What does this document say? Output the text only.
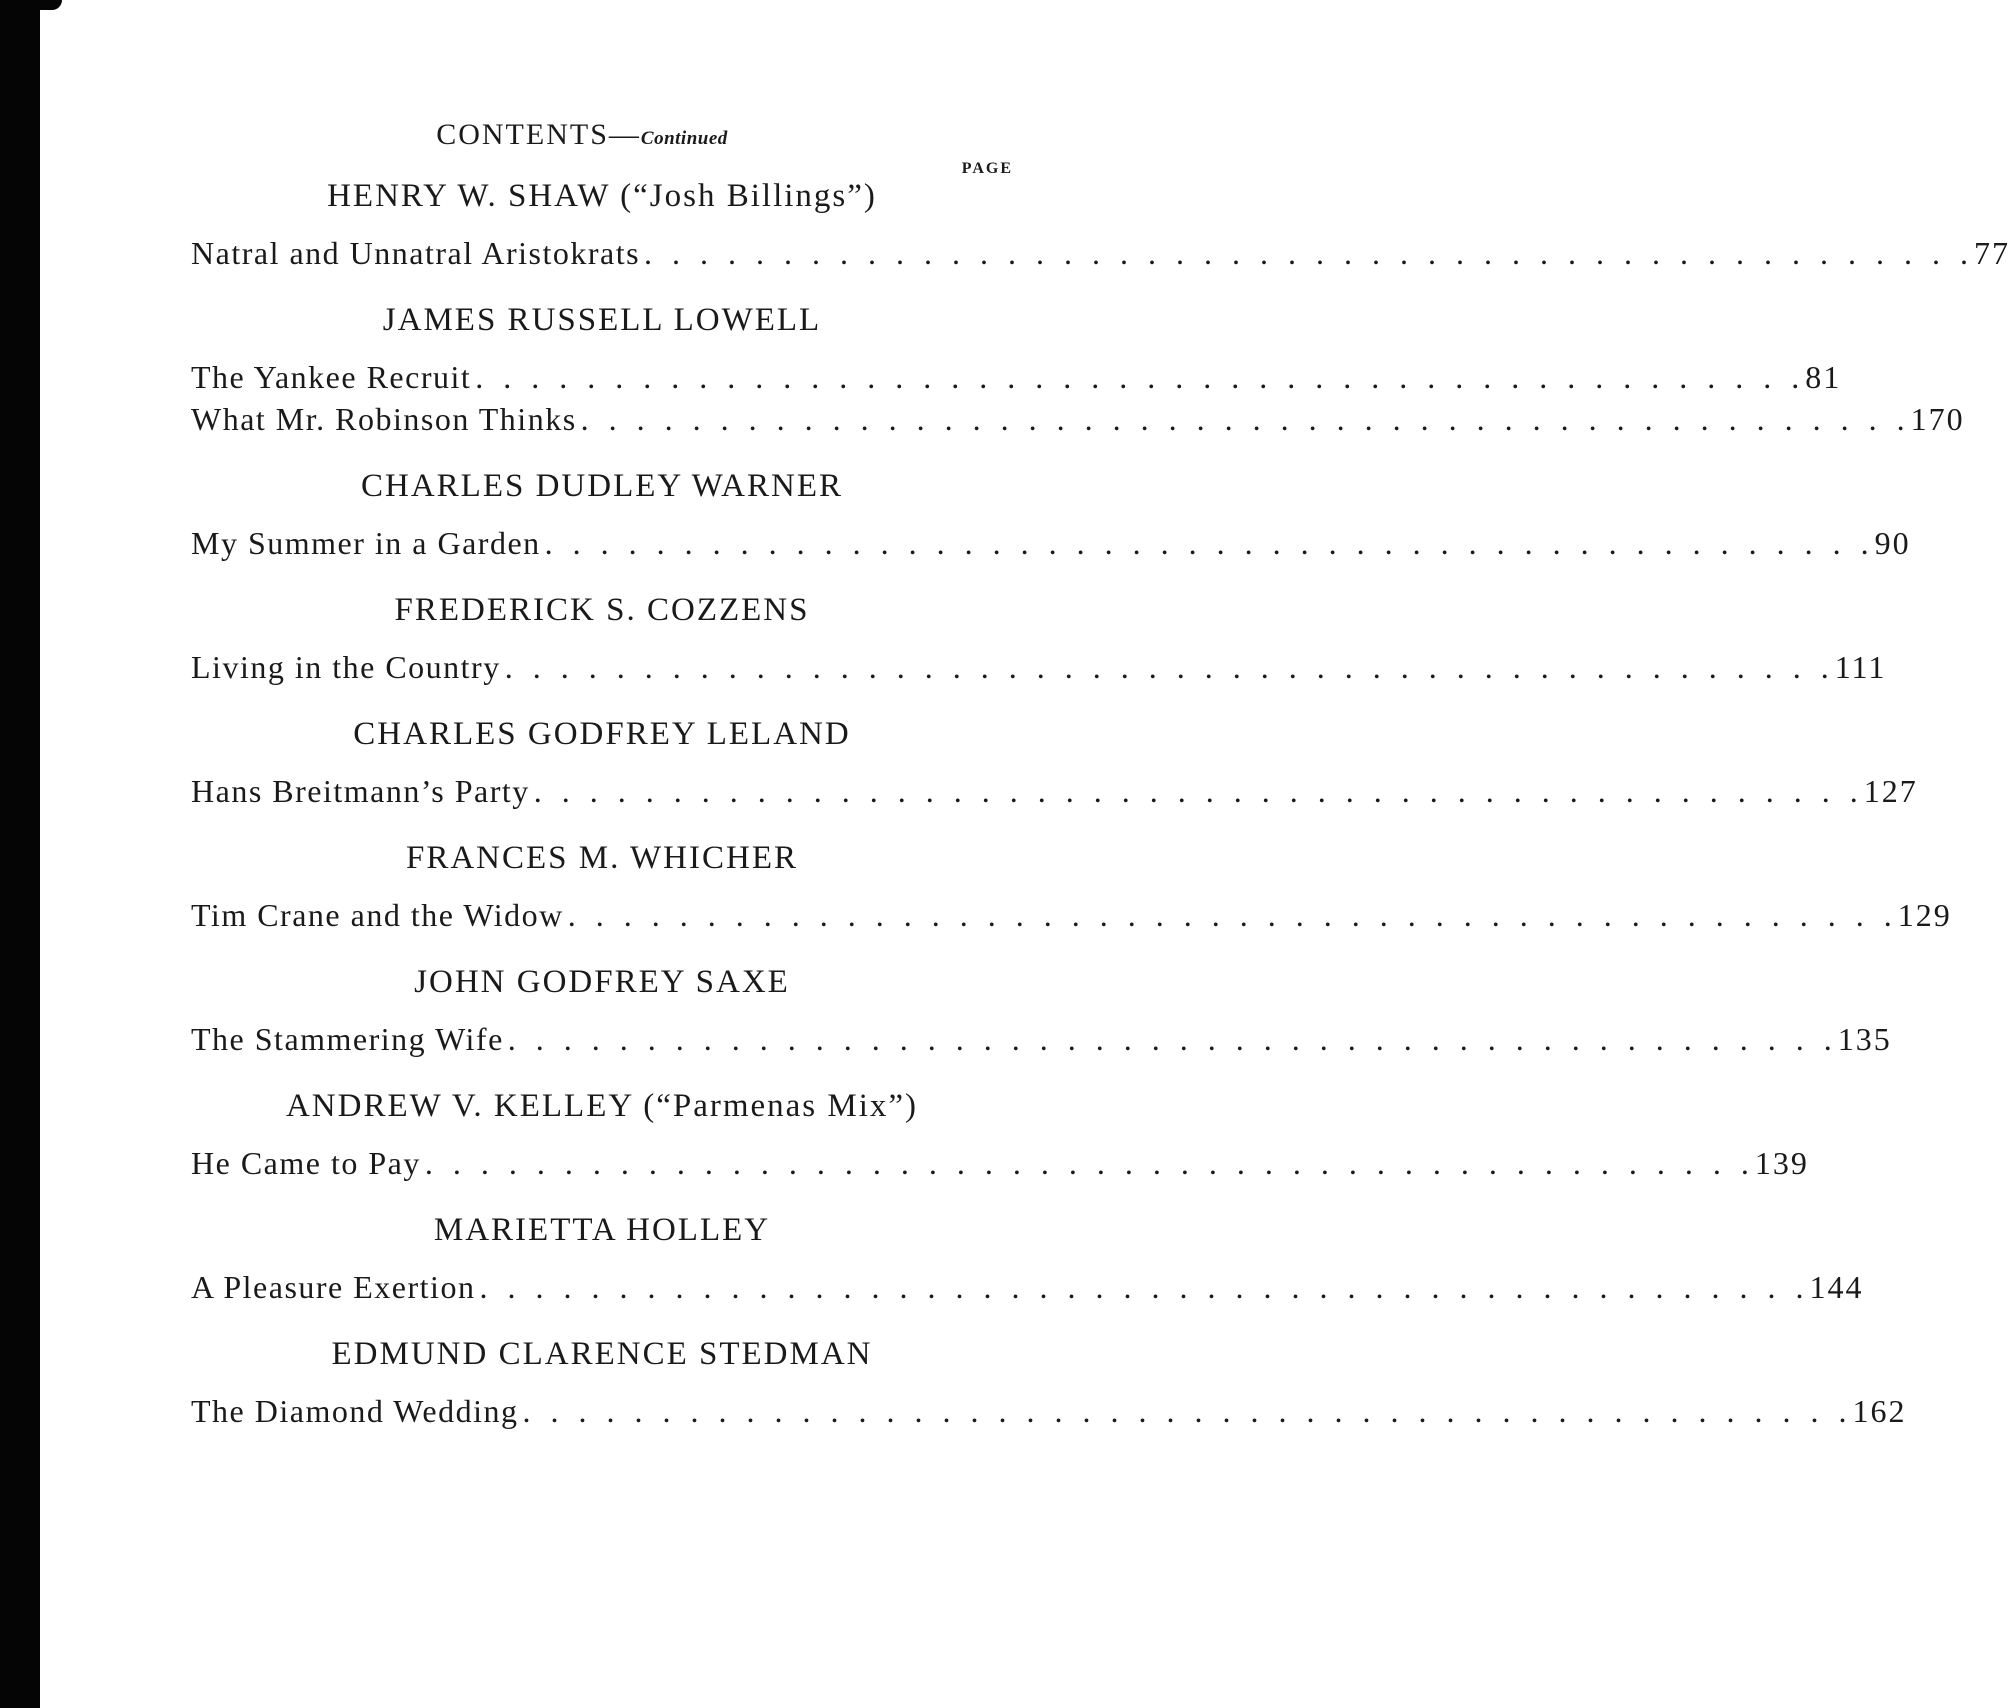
CONTENTS—Continued
PAGE
HENRY W. SHAW (“Josh Billings”)
Natral and Unnatral Aristokrats . . . . . . . . . . . . . . . . . . . . . . . . . . . . . . . . . . . . . . . . . . . . . . . . 77
JAMES RUSSELL LOWELL
The Yankee Recruit . . . . . . . . . . . . . . . . . . . . . . . . . . . . . . . . . . . . . . . . . . . . . . . . 81
What Mr. Robinson Thinks . . . . . . . . . . . . . . . . . . . . . . . . . . . . . . . . . . . . . . . . . . . . . . . . 170
CHARLES DUDLEY WARNER
My Summer in a Garden . . . . . . . . . . . . . . . . . . . . . . . . . . . . . . . . . . . . . . . . . . . . . . . . 90
FREDERICK S. COZZENS
Living in the Country . . . . . . . . . . . . . . . . . . . . . . . . . . . . . . . . . . . . . . . . . . . . . . . . 111
CHARLES GODFREY LELAND
Hans Breitmann’s Party . . . . . . . . . . . . . . . . . . . . . . . . . . . . . . . . . . . . . . . . . . . . . . . . 127
FRANCES M. WHICHER
Tim Crane and the Widow . . . . . . . . . . . . . . . . . . . . . . . . . . . . . . . . . . . . . . . . . . . . . . . . 129
JOHN GODFREY SAXE
The Stammering Wife . . . . . . . . . . . . . . . . . . . . . . . . . . . . . . . . . . . . . . . . . . . . . . . . 135
ANDREW V. KELLEY (“Parmenas Mix”)
He Came to Pay . . . . . . . . . . . . . . . . . . . . . . . . . . . . . . . . . . . . . . . . . . . . . . . . 139
MARIETTA HOLLEY
A Pleasure Exertion . . . . . . . . . . . . . . . . . . . . . . . . . . . . . . . . . . . . . . . . . . . . . . . . 144
EDMUND CLARENCE STEDMAN
The Diamond Wedding . . . . . . . . . . . . . . . . . . . . . . . . . . . . . . . . . . . . . . . . . . . . . . . . 162
